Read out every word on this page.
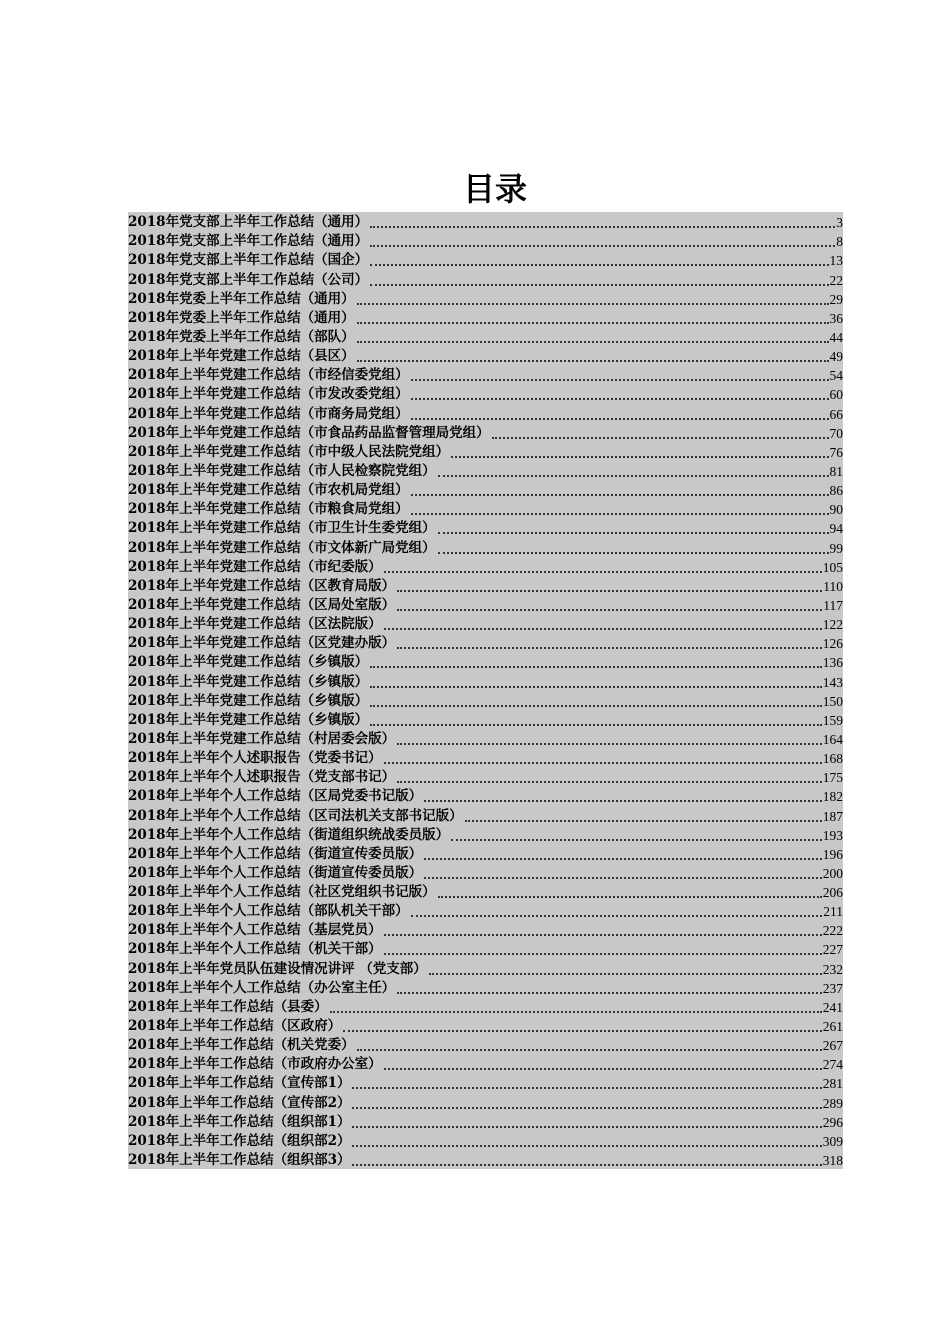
目录
2018年党支部上半年工作总结（通用）	3
2018年党支部上半年工作总结（通用）	8
2018年党支部上半年工作总结（国企）	13
2018年党支部上半年工作总结（公司）	22
2018年党委上半年工作总结（通用）	29
2018年党委上半年工作总结（通用）	36
2018年党委上半年工作总结（部队）	44
2018年上半年党建工作总结（县区）	49
2018年上半年党建工作总结（市经信委党组）	54
2018年上半年党建工作总结（市发改委党组）	60
2018年上半年党建工作总结（市商务局党组）	66
2018年上半年党建工作总结（市食品药品监督管理局党组）	70
2018年上半年党建工作总结（市中级人民法院党组）	76
2018年上半年党建工作总结（市人民检察院党组）	81
2018年上半年党建工作总结（市农机局党组）	86
2018年上半年党建工作总结（市粮食局党组）	90
2018年上半年党建工作总结（市卫生计生委党组）	94
2018年上半年党建工作总结（市文体新广局党组）	99
2018年上半年党建工作总结（市纪委版）	105
2018年上半年党建工作总结（区教育局版）	110
2018年上半年党建工作总结（区局处室版）	117
2018年上半年党建工作总结（区法院版）	122
2018年上半年党建工作总结（区党建办版）	126
2018年上半年党建工作总结（乡镇版）	136
2018年上半年党建工作总结（乡镇版）	143
2018年上半年党建工作总结（乡镇版）	150
2018年上半年党建工作总结（乡镇版）	159
2018年上半年党建工作总结（村居委会版）	164
2018年上半年个人述职报告（党委书记）	168
2018年上半年个人述职报告（党支部书记）	175
2018年上半年个人工作总结（区局党委书记版）	182
2018年上半年个人工作总结（区司法机关支部书记版）	187
2018年上半年个人工作总结（街道组织统战委员版）	193
2018年上半年个人工作总结（街道宣传委员版）	196
2018年上半年个人工作总结（街道宣传委员版）	200
2018年上半年个人工作总结（社区党组织书记版）	206
2018年上半年个人工作总结（部队机关干部）	211
2018年上半年个人工作总结（基层党员）	222
2018年上半年个人工作总结（机关干部）	227
2018年上半年党员队伍建设情况讲评 （党支部）	232
2018年上半年个人工作总结（办公室主任）	237
2018年上半年工作总结（县委）	241
2018年上半年工作总结（区政府）	261
2018年上半年工作总结（机关党委）	267
2018年上半年工作总结（市政府办公室）	274
2018年上半年工作总结（宣传部1）	281
2018年上半年工作总结（宣传部2）	289
2018年上半年工作总结（组织部1）	296
2018年上半年工作总结（组织部2）	309
2018年上半年工作总结（组织部3）	318
